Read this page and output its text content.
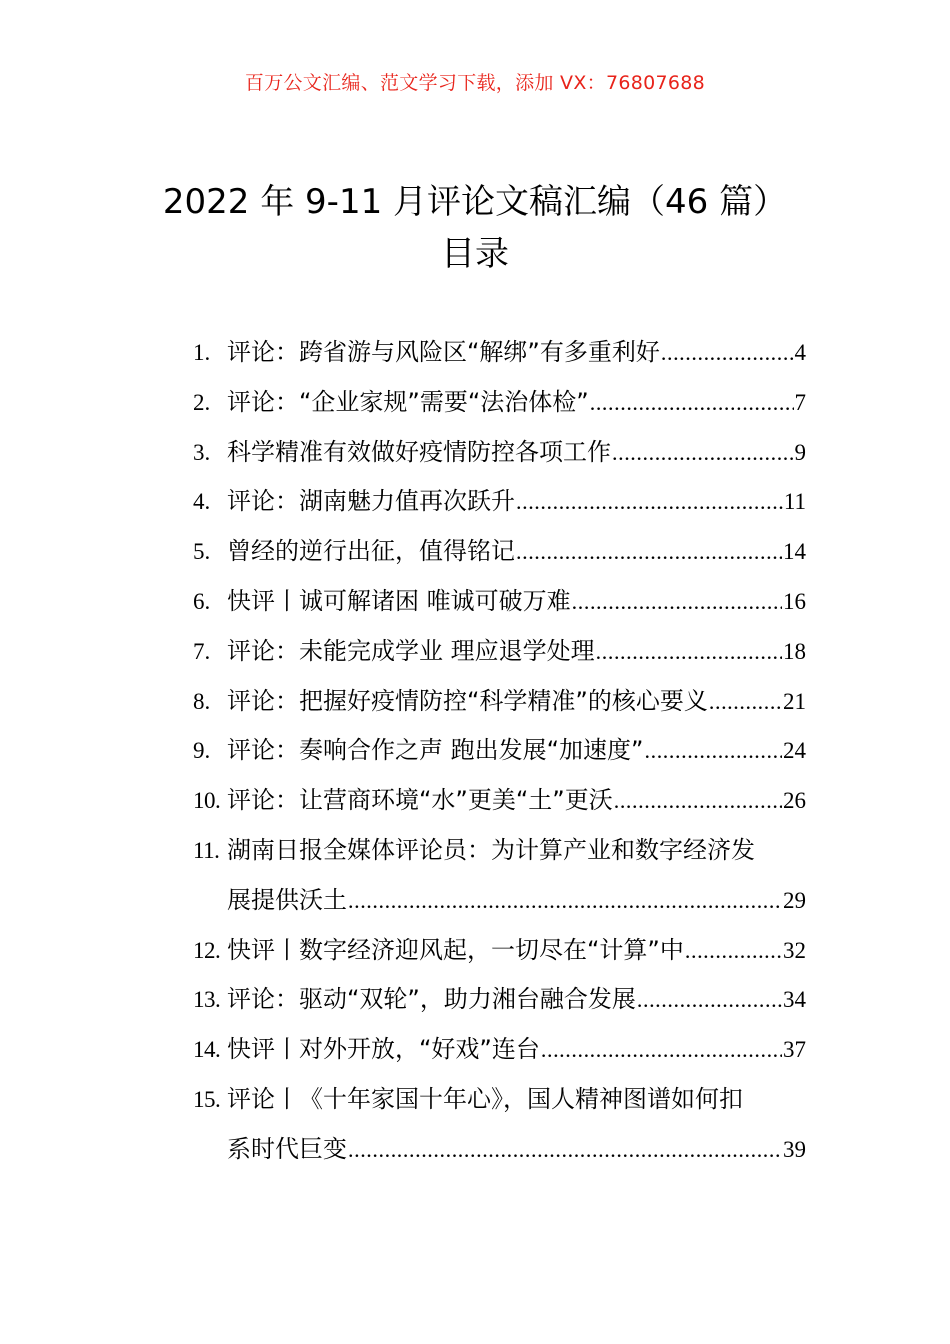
百万公文汇编、范文学习下载，添加 VX：76807688
2022 年 9-11 月评论文稿汇编（46 篇）
目录
1. 评论：跨省游与风险区“解绑”有多重利好 .....	4
2. 评论：“企业家规”需要“法治体检” .....	7
3. 科学精准有效做好疫情防控各项工作 .....	9
4. 评论：湖南魅力值再次跃升 .....	11
5. 曾经的逆行出征，值得铭记 .....	14
6. 快评丨诚可解诸困 唯诚可破万难 .....	16
7. 评论：未能完成学业 理应退学处理 .....	18
8. 评论：把握好疫情防控“科学精准”的核心要义 .....	21
9. 评论：奏响合作之声 跑出发展“加速度” .....	24
10. 评论：让营商环境“水”更美“土”更沃 .....	26
11. 湖南日报全媒体评论员：为计算产业和数字经济发
展提供沃土 .....	29
12. 快评丨数字经济迎风起，一切尽在“计算”中 .....	32
13. 评论：驱动“双轮”，助力湘台融合发展 .....	34
14. 快评丨对外开放，“好戏”连台 .....	37
15. 评论丨《十年家国十年心》，国人精神图谱如何扣
系时代巨变 .....	39
